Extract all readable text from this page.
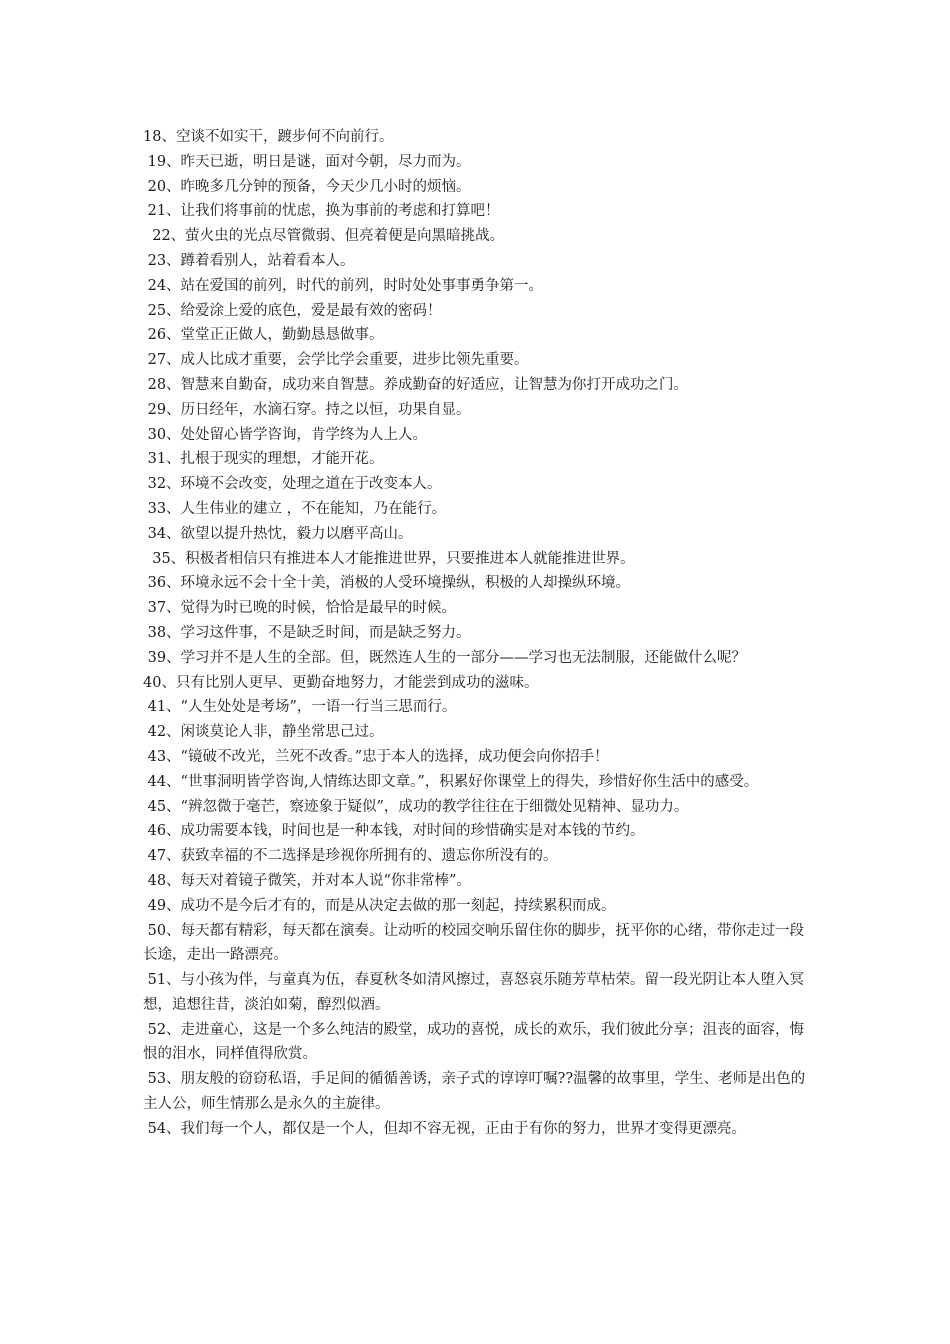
18、空谈不如实干，踱步何不向前行。
19、昨天已逝，明日是谜，面对今朝，尽力而为。
20、昨晚多几分钟的预备，今天少几小时的烦恼。
21、让我们将事前的忧虑，换为事前的考虑和打算吧！
22、萤火虫的光点尽管微弱、但亮着便是向黑暗挑战。
23、蹲着看别人，站着看本人。
24、站在爱国的前列，时代的前列，时时处处事事勇争第一。
25、给爱涂上爱的底色，爱是最有效的密码！
26、堂堂正正做人，勤勤恳恳做事。
27、成人比成才重要，会学比学会重要，进步比领先重要。
28、智慧来自勤奋，成功来自智慧。养成勤奋的好适应，让智慧为你打开成功之门。
29、历日经年，水滴石穿。持之以恒，功果自显。
30、处处留心皆学咨询，肯学终为人上人。
31、扎根于现实的理想，才能开花。
32、环境不会改变，处理之道在于改变本人。
33、人生伟业的建立 ，不在能知，乃在能行。
34、欲望以提升热忱，毅力以磨平高山。
35、积极者相信只有推进本人才能推进世界，只要推进本人就能推进世界。
36、环境永远不会十全十美，消极的人受环境操纵，积极的人却操纵环境。
37、觉得为时已晚的时候，恰恰是最早的时候。
38、学习这件事，不是缺乏时间，而是缺乏努力。
39、学习并不是人生的全部。但，既然连人生的一部分——学习也无法制服，还能做什么呢？
40、只有比别人更早、更勤奋地努力，才能尝到成功的滋味。
41、“人生处处是考场”，一语一行当三思而行。
42、闲谈莫论人非，静坐常思己过。
43、“镜破不改光，兰死不改香。”忠于本人的选择，成功便会向你招手！
44、“世事洞明皆学咨询,人情练达即文章。”，积累好你课堂上的得失，珍惜好你生活中的感受。
45、“辨忽微于毫芒，察迹象于疑似”，成功的教学往往在于细微处见精神、显功力。
46、成功需要本钱，时间也是一种本钱，对时间的珍惜确实是对本钱的节约。
47、获致幸福的不二选择是珍视你所拥有的、遗忘你所没有的。
48、每天对着镜子微笑，并对本人说“你非常棒”。
49、成功不是今后才有的，而是从决定去做的那一刻起，持续累积而成。
50、每天都有精彩，每天都在演奏。让动听的校园交响乐留住你的脚步，抚平你的心绪，带你走过一段长途，走出一路漂亮。
51、与小孩为伴，与童真为伍，春夏秋冬如清风擦过，喜怒哀乐随芳草枯荣。留一段光阴让本人堕入冥想，追想往昔，淡泊如菊，醇烈似酒。
52、走进童心，这是一个多么纯洁的殿堂，成功的喜悦，成长的欢乐，我们彼此分享；沮丧的面容，悔恨的泪水，同样值得欣赏。
53、朋友般的窃窃私语，手足间的循循善诱，亲子式的谆谆叮嘱??温馨的故事里，学生、老师是出色的主人公，师生情那么是永久的主旋律。
54、我们每一个人，都仅是一个人，但却不容无视，正由于有你的努力，世界才变得更漂亮。
